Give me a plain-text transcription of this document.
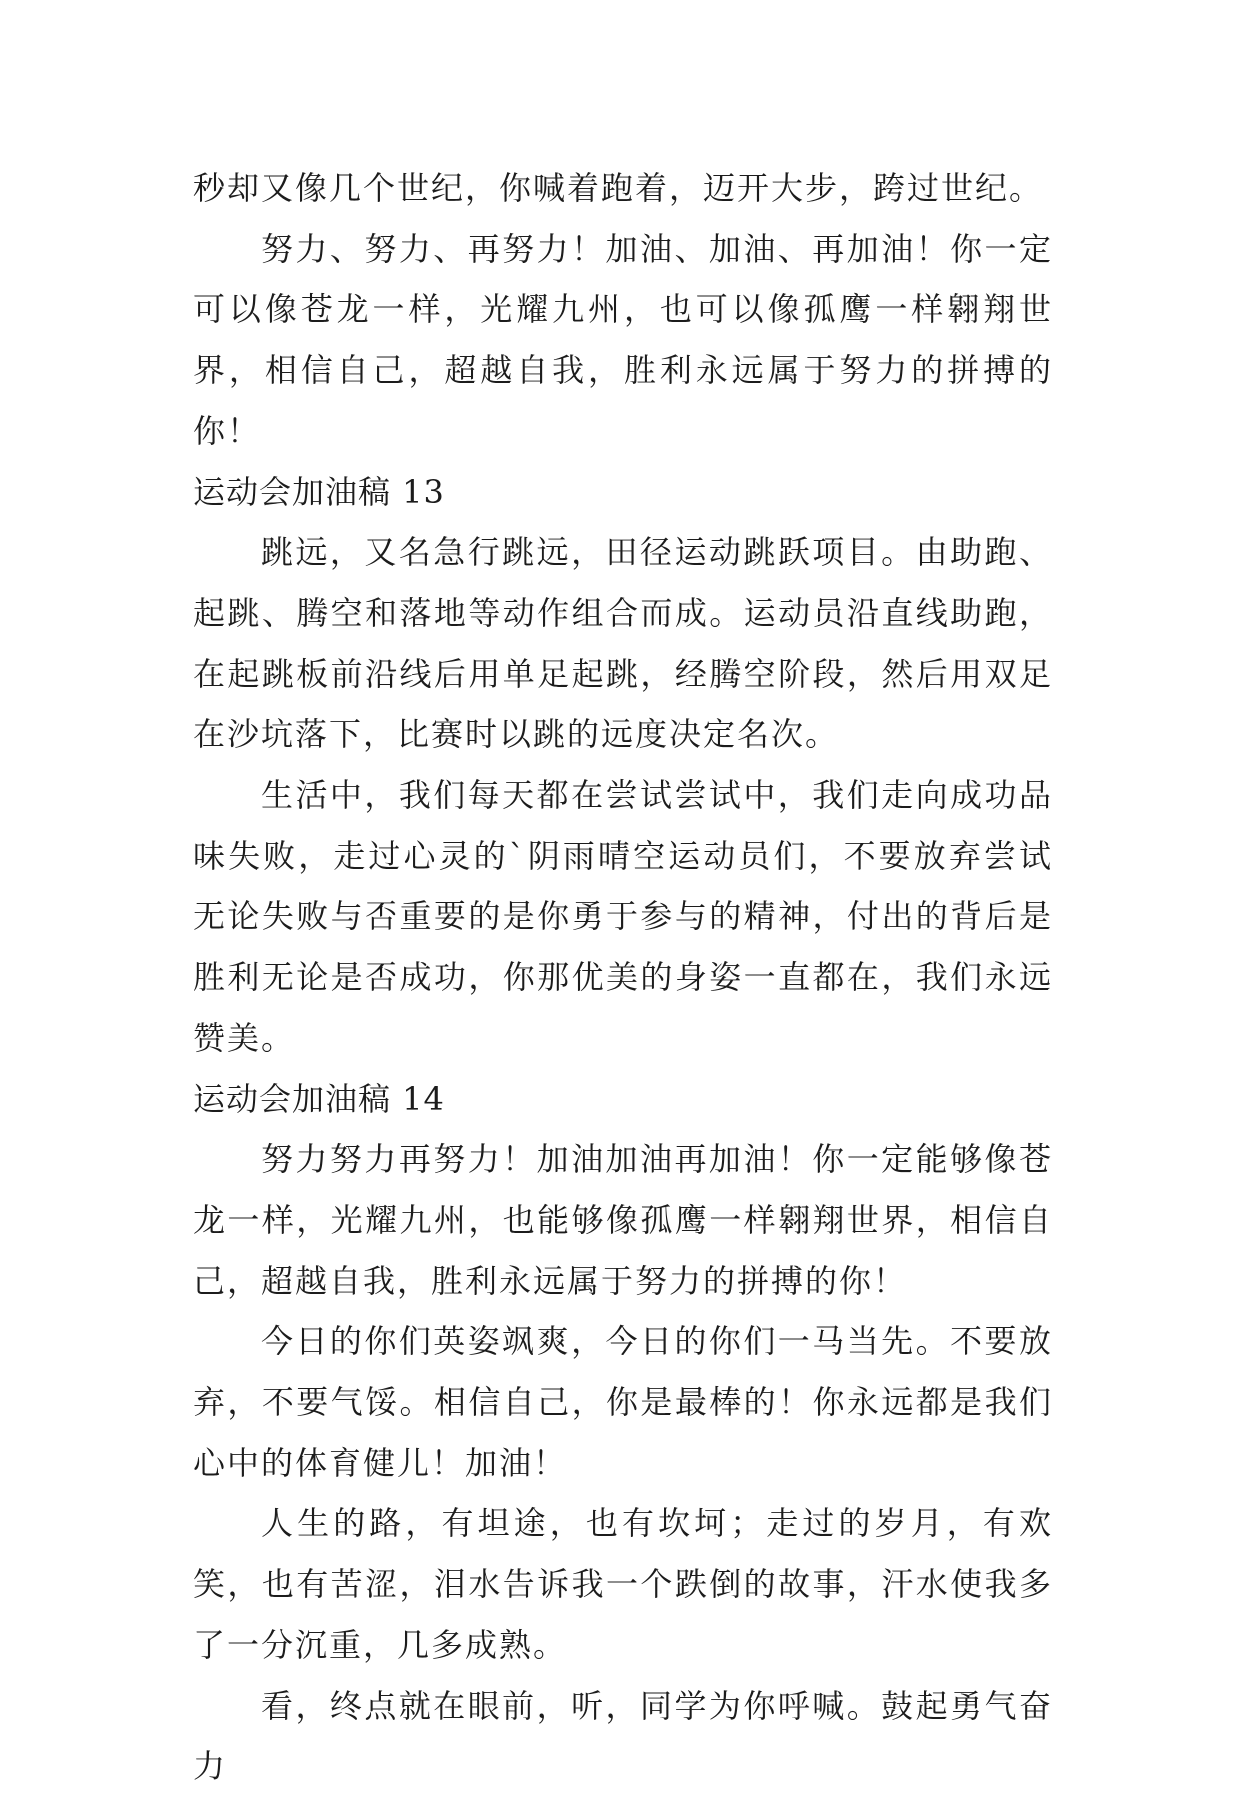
秒却又像几个世纪，你喊着跑着，迈开大步，跨过世纪。

努力、努力、再努力！加油、加油、再加油！你一定可以像苍龙一样，光耀九州，也可以像孤鹰一样翱翔世界，相信自己，超越自我，胜利永远属于努力的拼搏的你！

运动会加油稿 13

跳远，又名急行跳远，田径运动跳跃项目。由助跑、起跳、腾空和落地等动作组合而成。运动员沿直线助跑，在起跳板前沿线后用单足起跳，经腾空阶段，然后用双足在沙坑落下，比赛时以跳的远度决定名次。

生活中，我们每天都在尝试尝试中，我们走向成功品味失败，走过心灵的`阴雨晴空运动员们，不要放弃尝试无论失败与否重要的是你勇于参与的精神，付出的背后是胜利无论是否成功，你那优美的身姿一直都在，我们永远赞美。

运动会加油稿 14

努力努力再努力！加油加油再加油！你一定能够像苍龙一样，光耀九州，也能够像孤鹰一样翱翔世界，相信自己，超越自我，胜利永远属于努力的拼搏的你！

今日的你们英姿飒爽，今日的你们一马当先。不要放弃，不要气馁。相信自己，你是最棒的！你永远都是我们心中的体育健儿！加油！

人生的路，有坦途，也有坎坷；走过的岁月，有欢笑，也有苦涩，泪水告诉我一个跌倒的故事，汗水使我多了一分沉重，几多成熟。

看，终点就在眼前，听，同学为你呼喊。鼓起勇气奋力
